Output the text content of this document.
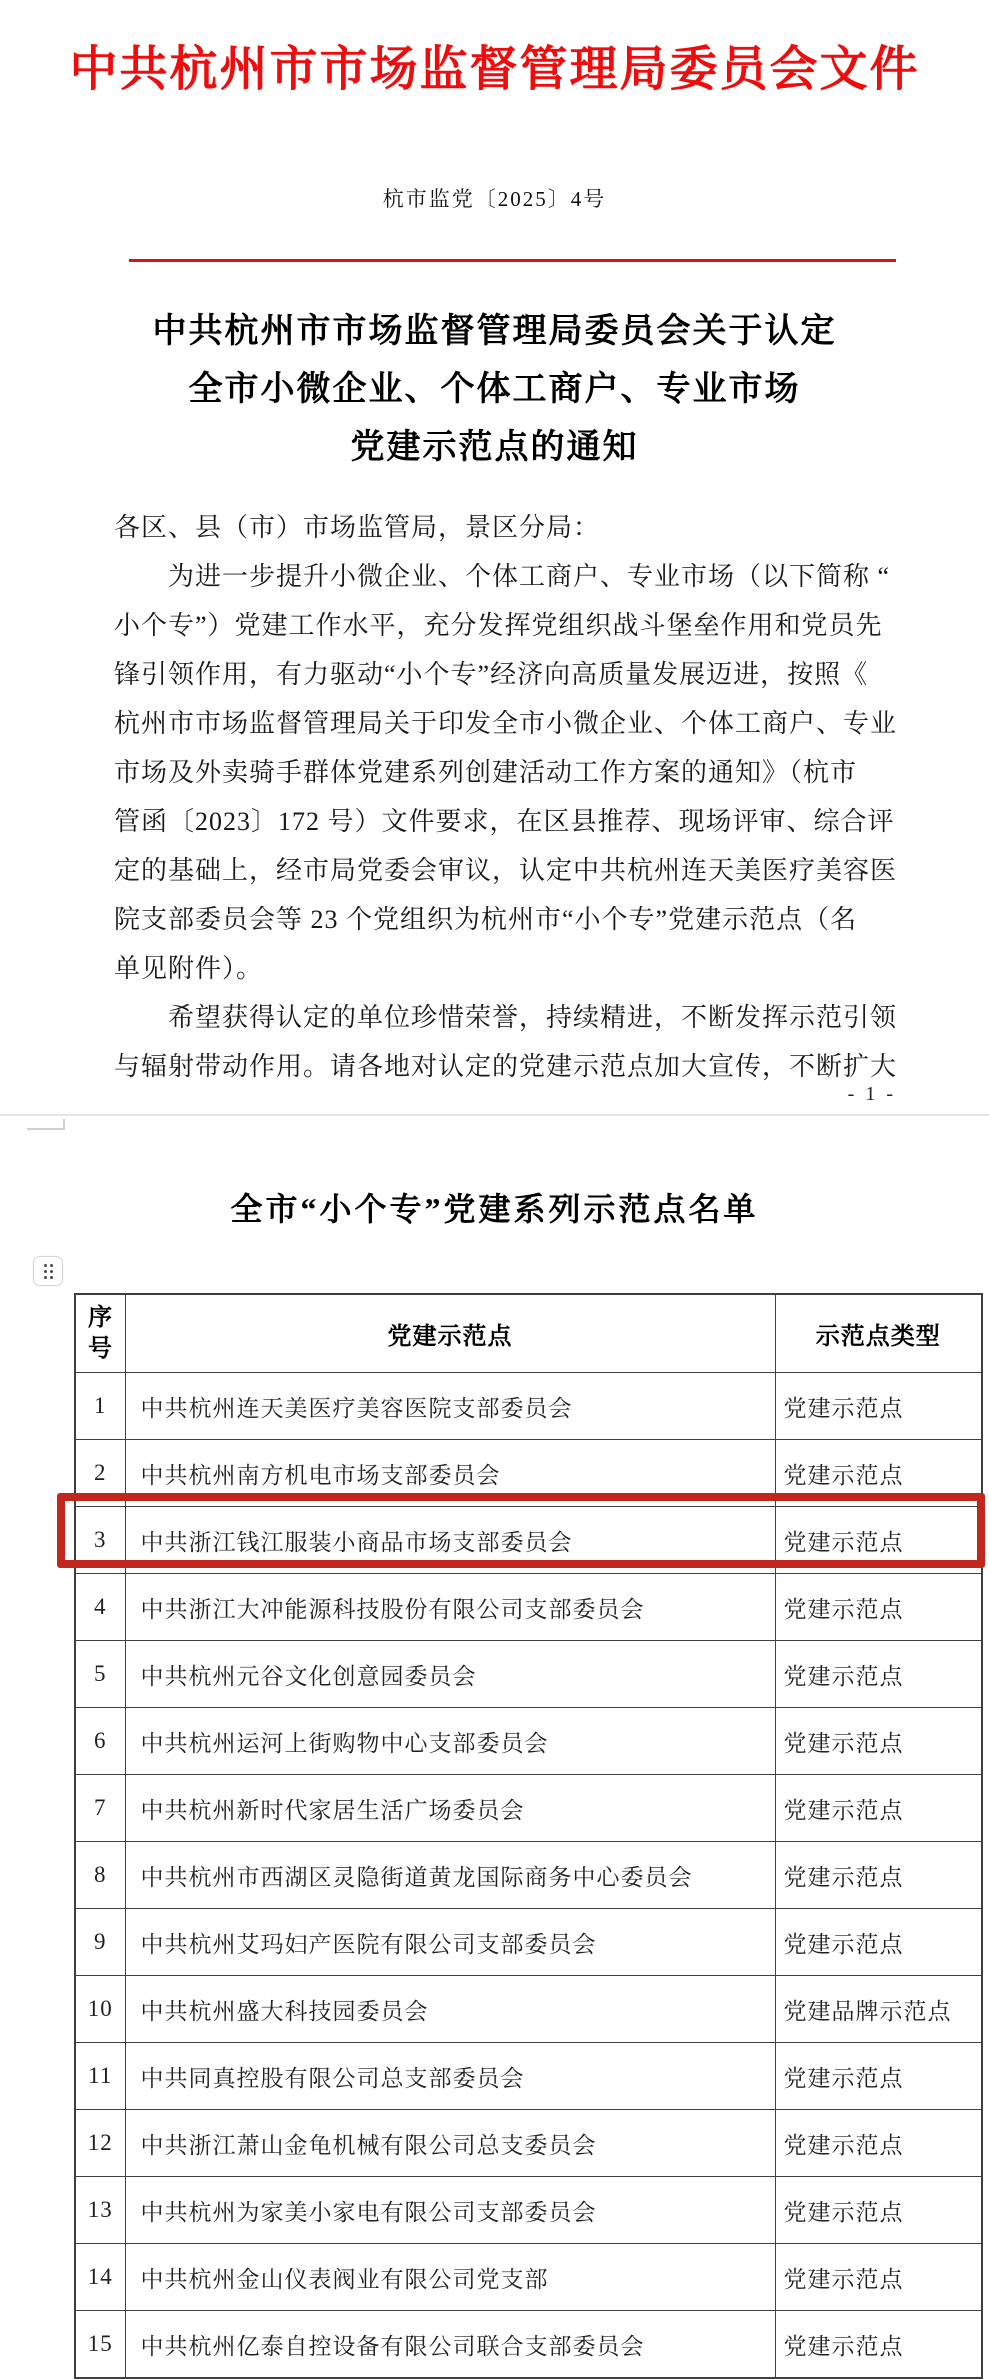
中共杭州市市场监督管理局委员会文件
杭市监党〔2025〕4号
中共杭州市市场监督管理局委员会关于认定
全市小微企业、个体工商户、专业市场
党建示范点的通知
各区、县（市）市场监管局，景区分局：
　　为进一步提升小微企业、个体工商户、专业市场（以下简称 “
小个专”）党建工作水平，充分发挥党组织战斗堡垒作用和党员先
锋引领作用，有力驱动“小个专”经济向高质量发展迈进，按照《
杭州市市场监督管理局关于印发全市小微企业、个体工商户、专业
市场及外卖骑手群体党建系列创建活动工作方案的通知》（杭市
管函〔2023〕172 号）文件要求，在区县推荐、现场评审、综合评
定的基础上，经市局党委会审议，认定中共杭州连天美医疗美容医
院支部委员会等 23 个党组织为杭州市“小个专”党建示范点（名
单见附件）。
　　希望获得认定的单位珍惜荣誉，持续精进，不断发挥示范引领
与辐射带动作用。请各地对认定的党建示范点加大宣传，不断扩大
- 1 -
全市“小个专”党建系列示范点名单
序号	党建示范点	示范点类型
1	中共杭州连天美医疗美容医院支部委员会	党建示范点
2	中共杭州南方机电市场支部委员会	党建示范点
3	中共浙江钱江服装小商品市场支部委员会	党建示范点
4	中共浙江大冲能源科技股份有限公司支部委员会	党建示范点
5	中共杭州元谷文化创意园委员会	党建示范点
6	中共杭州运河上街购物中心支部委员会	党建示范点
7	中共杭州新时代家居生活广场委员会	党建示范点
8	中共杭州市西湖区灵隐街道黄龙国际商务中心委员会	党建示范点
9	中共杭州艾玛妇产医院有限公司支部委员会	党建示范点
10	中共杭州盛大科技园委员会	党建品牌示范点
11	中共同真控股有限公司总支部委员会	党建示范点
12	中共浙江萧山金龟机械有限公司总支委员会	党建示范点
13	中共杭州为家美小家电有限公司支部委员会	党建示范点
14	中共杭州金山仪表阀业有限公司党支部	党建示范点
15	中共杭州亿泰自控设备有限公司联合支部委员会	党建示范点
